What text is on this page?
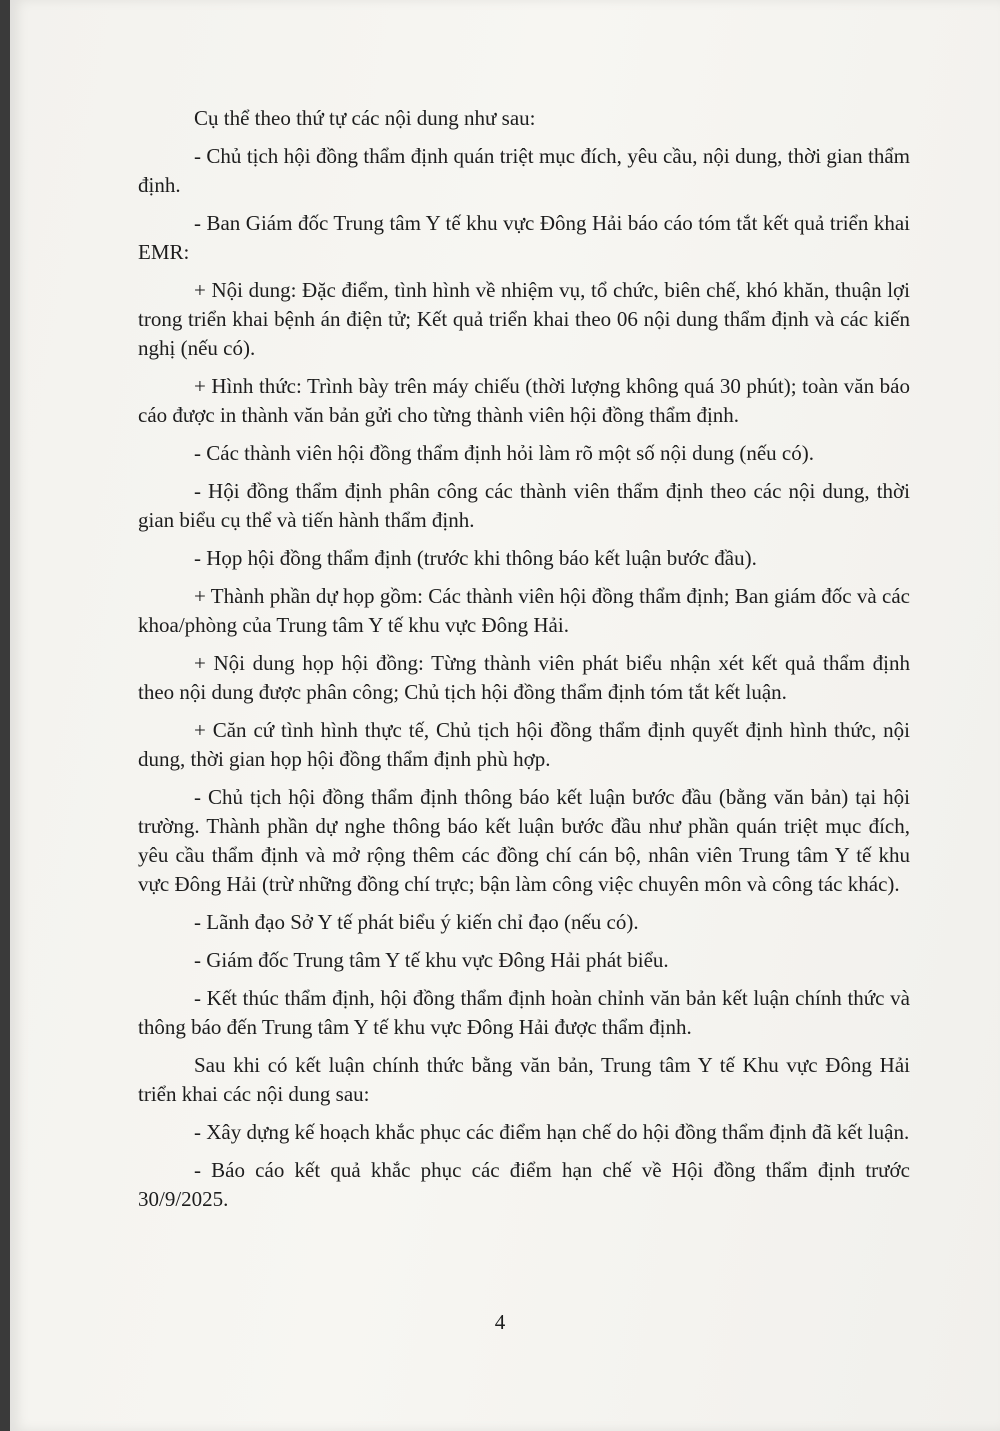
Cụ thể theo thứ tự các nội dung như sau:

- Chủ tịch hội đồng thẩm định quán triệt mục đích, yêu cầu, nội dung, thời gian thẩm định.

- Ban Giám đốc Trung tâm Y tế khu vực Đông Hải báo cáo tóm tắt kết quả triển khai EMR:

+ Nội dung: Đặc điểm, tình hình về nhiệm vụ, tổ chức, biên chế, khó khăn, thuận lợi trong triển khai bệnh án điện tử; Kết quả triển khai theo 06 nội dung thẩm định và các kiến nghị (nếu có).

+ Hình thức: Trình bày trên máy chiếu (thời lượng không quá 30 phút); toàn văn báo cáo được in thành văn bản gửi cho từng thành viên hội đồng thẩm định.

- Các thành viên hội đồng thẩm định hỏi làm rõ một số nội dung (nếu có).

- Hội đồng thẩm định phân công các thành viên thẩm định theo các nội dung, thời gian biểu cụ thể và tiến hành thẩm định.

- Họp hội đồng thẩm định (trước khi thông báo kết luận bước đầu).

+ Thành phần dự họp gồm: Các thành viên hội đồng thẩm định; Ban giám đốc và các khoa/phòng của Trung tâm Y tế khu vực Đông Hải.

+ Nội dung họp hội đồng: Từng thành viên phát biểu nhận xét kết quả thẩm định theo nội dung được phân công; Chủ tịch hội đồng thẩm định tóm tắt kết luận.

+ Căn cứ tình hình thực tế, Chủ tịch hội đồng thẩm định quyết định hình thức, nội dung, thời gian họp hội đồng thẩm định phù hợp.

- Chủ tịch hội đồng thẩm định thông báo kết luận bước đầu (bằng văn bản) tại hội trường. Thành phần dự nghe thông báo kết luận bước đầu như phần quán triệt mục đích, yêu cầu thẩm định và mở rộng thêm các đồng chí cán bộ, nhân viên Trung tâm Y tế khu vực Đông Hải (trừ những đồng chí trực; bận làm công việc chuyên môn và công tác khác).

- Lãnh đạo Sở Y tế phát biểu ý kiến chỉ đạo (nếu có).

- Giám đốc Trung tâm Y tế khu vực Đông Hải phát biểu.

- Kết thúc thẩm định, hội đồng thẩm định hoàn chỉnh văn bản kết luận chính thức và thông báo đến Trung tâm Y tế khu vực Đông Hải được thẩm định.

Sau khi có kết luận chính thức bằng văn bản, Trung tâm Y tế Khu vực Đông Hải triển khai các nội dung sau:

- Xây dựng kế hoạch khắc phục các điểm hạn chế do hội đồng thẩm định đã kết luận.

- Báo cáo kết quả khắc phục các điểm hạn chế về Hội đồng thẩm định trước 30/9/2025.

4
